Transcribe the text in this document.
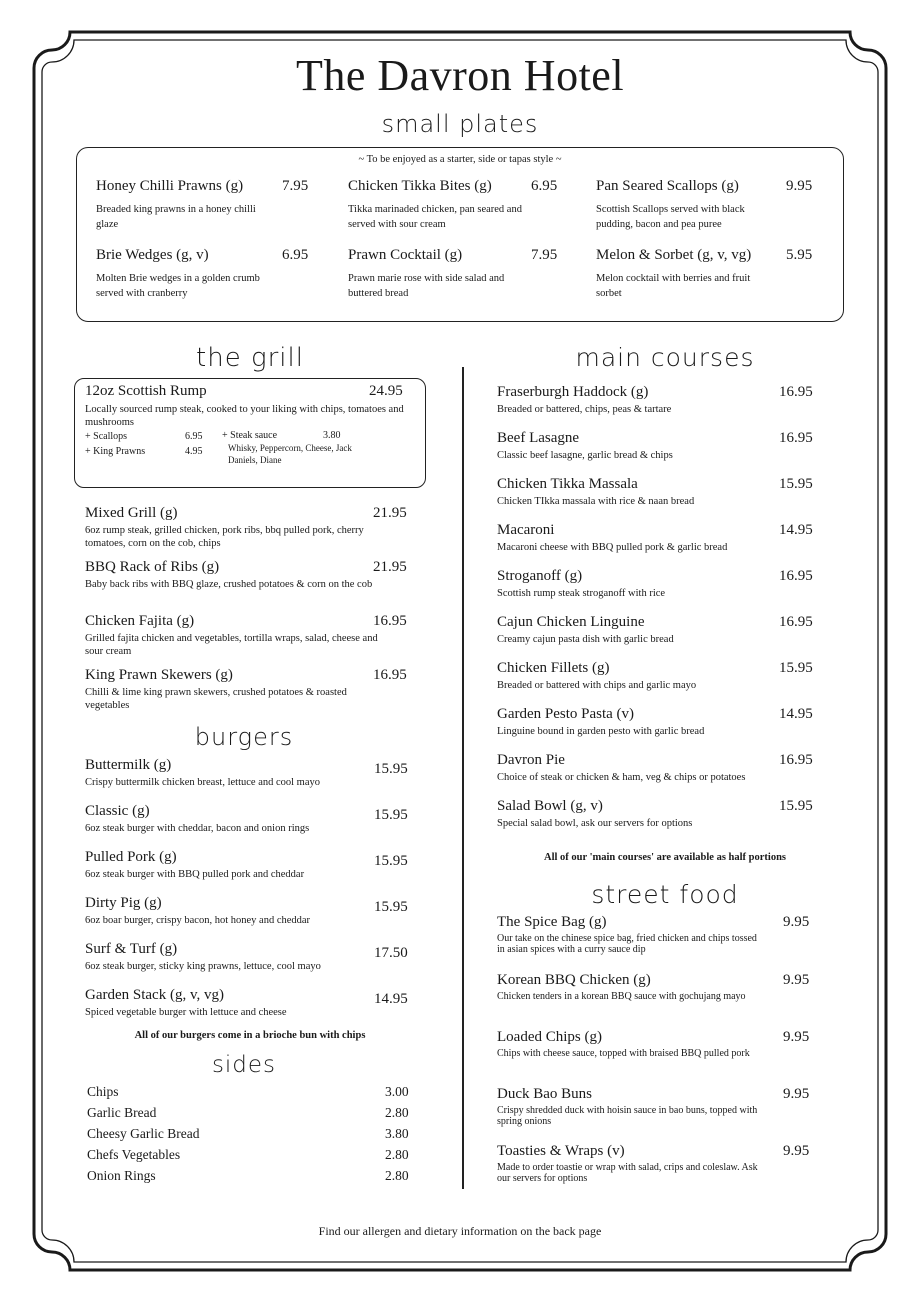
The Davron Hotel
small plates
~ To be enjoyed as a starter, side or tapas style ~
Honey Chilli Prawns (g)	7.95
Breaded king prawns in a honey chilli glaze
Chicken Tikka Bites (g)	6.95
Tikka marinaded chicken, pan seared and served with sour cream
Pan Seared Scallops (g)	9.95
Scottish Scallops served with black pudding, bacon and pea puree
Brie Wedges (g, v)	6.95
Molten Brie wedges in a golden crumb served with cranberry
Prawn Cocktail (g)	7.95
Prawn marie rose with side salad and buttered bread
Melon & Sorbet (g, v, vg)	5.95
Melon cocktail with berries and fruit sorbet
the grill
12oz Scottish Rump	24.95
Locally sourced rump steak, cooked to your liking with chips, tomatoes and mushrooms
+ Scallops	6.95
+ King Prawns	4.95
+ Steak sauce	3.80
Whisky, Peppercorn, Cheese, Jack Daniels, Diane
Mixed Grill (g)	21.95
6oz rump steak, grilled chicken, pork ribs, bbq pulled pork, cherry tomatoes, corn on the cob, chips
BBQ Rack of Ribs (g)	21.95
Baby back ribs with BBQ glaze, crushed potatoes & corn on the cob
Chicken Fajita (g)	16.95
Grilled fajita chicken and vegetables, tortilla wraps, salad, cheese and sour cream
King Prawn Skewers (g)	16.95
Chilli & lime king prawn skewers, crushed potatoes & roasted vegetables
burgers
Buttermilk (g)	15.95
Crispy buttermilk chicken breast, lettuce and cool mayo
Classic (g)	15.95
6oz steak burger with cheddar, bacon and onion rings
Pulled Pork (g)	15.95
6oz steak burger with BBQ pulled pork and cheddar
Dirty Pig (g)	15.95
6oz boar burger, crispy bacon, hot honey and cheddar
Surf & Turf (g)	17.50
6oz steak burger, sticky king prawns, lettuce, cool mayo
Garden Stack (g, v, vg)	14.95
Spiced vegetable burger with lettuce and cheese
All of our burgers come in a brioche bun with chips
sides
Chips	3.00
Garlic Bread	2.80
Cheesy Garlic Bread	3.80
Chefs Vegetables	2.80
Onion Rings	2.80
main courses
Fraserburgh Haddock (g)	16.95
Breaded or battered, chips, peas & tartare
Beef Lasagne	16.95
Classic beef lasagne, garlic bread & chips
Chicken Tikka Massala	15.95
Chicken TIkka massala with rice & naan bread
Macaroni	14.95
Macaroni cheese with BBQ pulled pork & garlic bread
Stroganoff (g)	16.95
Scottish rump steak stroganoff with rice
Cajun Chicken Linguine	16.95
Creamy cajun pasta dish with garlic bread
Chicken Fillets (g)	15.95
Breaded or battered with chips and garlic mayo
Garden Pesto Pasta (v)	14.95
Linguine bound in garden pesto with garlic bread
Davron Pie	16.95
Choice of steak or chicken & ham, veg & chips or potatoes
Salad Bowl (g, v)	15.95
Special salad bowl, ask our servers for options
All of our 'main courses' are available as half portions
street food
The Spice Bag (g)	9.95
Our take on the chinese spice bag, fried chicken and chips tossed in asian spices with a curry sauce dip
Korean BBQ Chicken (g)	9.95
Chicken tenders in a korean BBQ sauce with gochujang mayo
Loaded Chips (g)	9.95
Chips with cheese sauce, topped with braised BBQ pulled pork
Duck Bao Buns	9.95
Crispy shredded duck with hoisin sauce in bao buns, topped with spring onions
Toasties & Wraps (v)	9.95
Made to order toastie or wrap with salad, crips and coleslaw. Ask our servers for options
Find our allergen and dietary information on the back page
